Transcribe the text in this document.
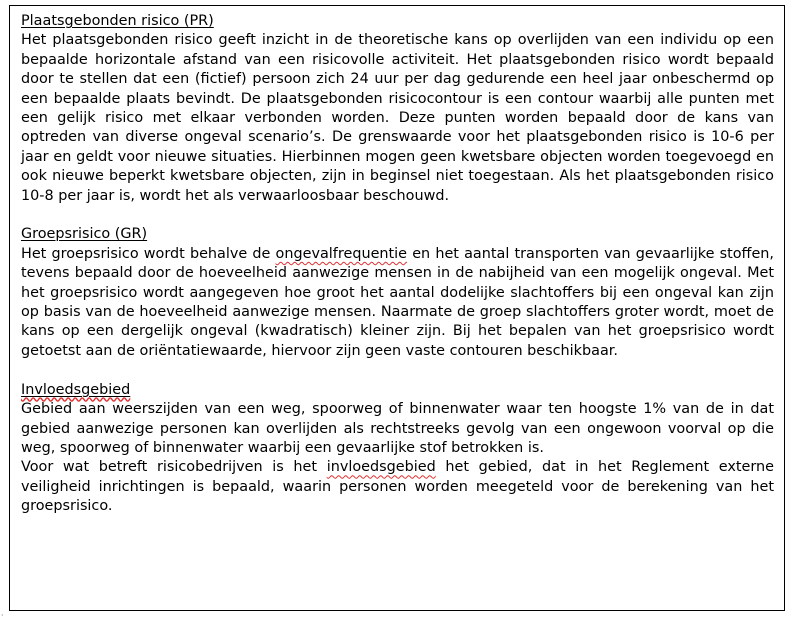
Plaatsgebonden risico (PR)

Het plaatsgebonden risico geeft inzicht in de theoretische kans op overlijden van een individu op een bepaalde horizontale afstand van een risicovolle activiteit. Het plaatsgebonden risico wordt bepaald door te stellen dat een (fictief) persoon zich 24 uur per dag gedurende een heel jaar onbeschermd op een bepaalde plaats bevindt. De plaatsgebonden risicocontour is een contour waarbij alle punten met een gelijk risico met elkaar verbonden worden. Deze punten worden bepaald door de kans van optreden van diverse ongeval scenario’s. De grenswaarde voor het plaatsgebonden risico is 10-6 per jaar en geldt voor nieuwe situaties. Hierbinnen mogen geen kwetsbare objecten worden toegevoegd en ook nieuwe beperkt kwetsbare objecten, zijn in beginsel niet toegestaan. Als het plaatsgebonden risico 10-8 per jaar is, wordt het als verwaarloosbaar beschouwd.

Groepsrisico (GR)

Het groepsrisico wordt behalve de ongevalfrequentie en het aantal transporten van gevaarlijke stoffen, tevens bepaald door de hoeveelheid aanwezige mensen in de nabijheid van een mogelijk ongeval. Met het groepsrisico wordt aangegeven hoe groot het aantal dodelijke slachtoffers bij een ongeval kan zijn op basis van de hoeveelheid aanwezige mensen. Naarmate de groep slachtoffers groter wordt, moet de kans op een dergelijk ongeval (kwadratisch) kleiner zijn. Bij het bepalen van het groepsrisico wordt getoetst aan de oriëntatiewaarde, hiervoor zijn geen vaste contouren beschikbaar.

Invloedsgebied

Gebied aan weerszijden van een weg, spoorweg of binnenwater waar ten hoogste 1% van de in dat gebied aanwezige personen kan overlijden als rechtstreeks gevolg van een ongewoon voorval op die weg, spoorweg of binnenwater waarbij een gevaarlijke stof betrokken is.

Voor wat betreft risicobedrijven is het invloedsgebied het gebied, dat in het Reglement externe veiligheid inrichtingen is bepaald, waarin personen worden meegeteld voor de berekening van het groepsrisico.

·
